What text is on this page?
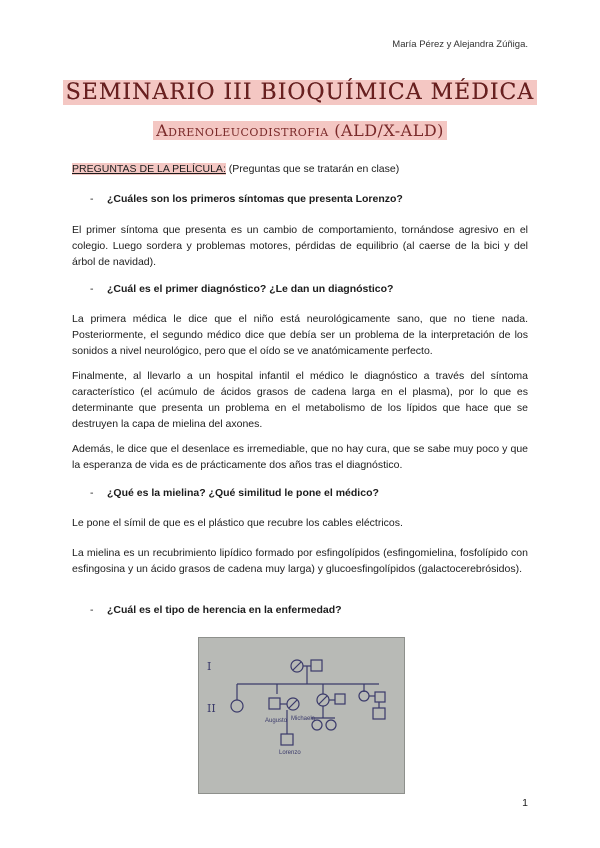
María Pérez y Alejandra Zúñiga.
SEMINARIO III BIOQUÍMICA MÉDICA
Adrenoleucodistrofia (ALD/X-ALD)
PREGUNTAS DE LA PELÍCULA: (Preguntas que se tratarán en clase)
- ¿Cuáles son los primeros síntomas que presenta Lorenzo?
El primer síntoma que presenta es un cambio de comportamiento, tornándose agresivo en el colegio. Luego sordera y problemas motores, pérdidas de equilibrio (al caerse de la bici y del árbol de navidad).
- ¿Cuál es el primer diagnóstico? ¿Le dan un diagnóstico?
La primera médica le dice que el niño está neurológicamente sano, que no tiene nada. Posteriormente, el segundo médico dice que debía ser un problema de la interpretación de los sonidos a nivel neurológico, pero que el oído se ve anatómicamente perfecto.
Finalmente, al llevarlo a un hospital infantil el médico le diagnóstico a través del síntoma característico (el acúmulo de ácidos grasos de cadena larga en el plasma), por lo que es determinante que presenta un problema en el metabolismo de los lípidos que hace que se destruyen la capa de mielina del axones.
Además, le dice que el desenlace es irremediable, que no hay cura, que se sabe muy poco y que la esperanza de vida es de prácticamente dos años tras el diagnóstico.
- ¿Qué es la mielina? ¿Qué similitud le pone el médico?
Le pone el símil de que es el plástico que recubre los cables eléctricos.
La mielina es un recubrimiento lipídico formado por esfingolípidos (esfingomielina, fosfolípido con esfingosina y un ácido grasos de cadena muy larga) y glucoesfingolípidos (galactocerebrósidos).
- ¿Cuál es el tipo de herencia en la enfermedad?
I
II
Augusto Michaela
Lorenzo
1
